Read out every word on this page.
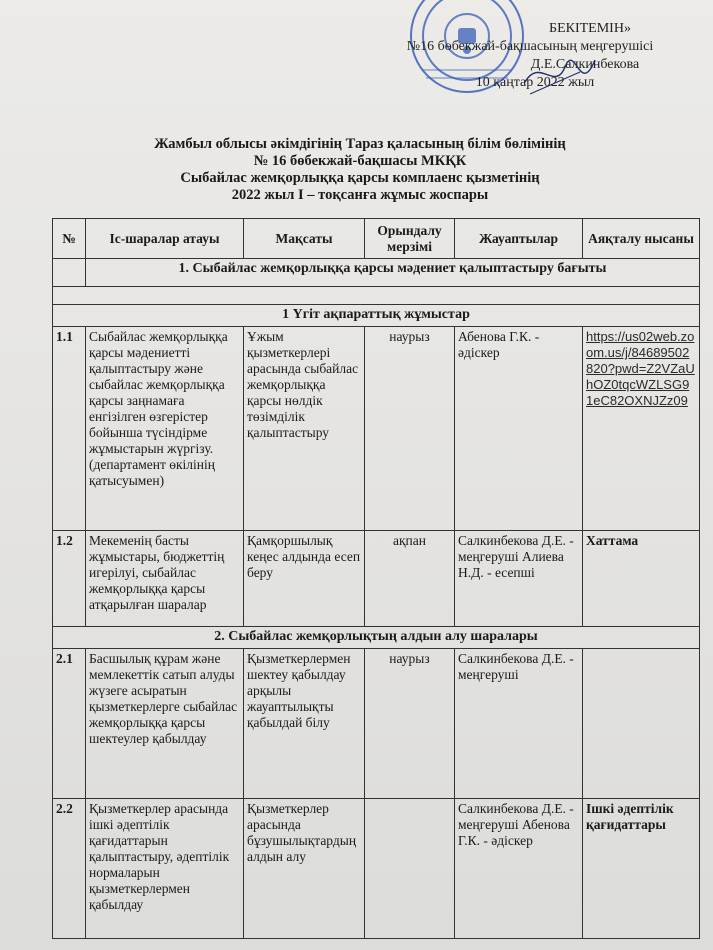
БЕКІТЕМІН»
№16 бөбекжай-бақшасының меңгерушісі
Д.Е.Салкинбекова
10 қаңтар 2022 жыл
Жамбыл облысы әкімдігінің Тараз қаласының білім бөлімінің
№ 16 бөбекжай-бақшасы МКҚК
Сыбайлас жемқорлыққа қарсы комплаенс қызметінің
2022 жыл І – тоқсанға жұмыс жоспары
№	Іс-шаралар атауы	Мақсаты	Орындалу мерзімі	Жауаптылар	Аяқталу нысаны
	1. Сыбайлас жемқорлыққа қарсы мәдениет қалыптастыру бағыты				

1 Үгіт ақпараттық жұмыстар					
1.1	Сыбайлас жемқорлыққа қарсы мәдениетті қалыптастыру және сыбайлас жемқорлыққа қарсы заңнамаға енгізілген өзгерістер бойынша түсіндірме жұмыстарын жүргізу. (департамент өкілінің қатысуымен)	Ұжым қызметкерлері арасында сыбайлас жемқорлыққа қарсы нөлдік төзімділік қалыптастыру	наурыз	Абенова Г.К. - әдіскер	https://us02web.zoom.us/j/84689502820?pwd=Z2VZaUhOZ0tqcWZLSG91eC82OXNJZz09
1.2	Мекеменің басты жұмыстары, бюджеттің игерілуі, сыбайлас жемқорлыққа қарсы атқарылған шаралар	Қамқоршылық кеңес алдында есеп беру	ақпан	Салкинбекова Д.Е. - меңгеруші Алиева Н.Д. - есепші	Хаттама
2. Сыбайлас жемқорлықтың алдын алу шаралары					
2.1	Басшылық құрам және мемлекеттік сатып алуды жүзеге асыратын қызметкерлерге сыбайлас жемқорлыққа қарсы шектеулер қабылдау	Қызметкерлермен шектеу қабылдау арқылы жауаптылықты қабылдай білу	наурыз	Салкинбекова Д.Е. - меңгеруші	
2.2	Қызметкерлер арасында ішкі әдептілік қағидаттарын қалыптастыру, әдептілік нормаларын қызметкерлермен қабылдау	Қызметкерлер арасында бұзушылықтардың алдын алу		Салкинбекова Д.Е. - меңгеруші Абенова Г.К. - әдіскер	Ішкі әдептілік қағидаттары
